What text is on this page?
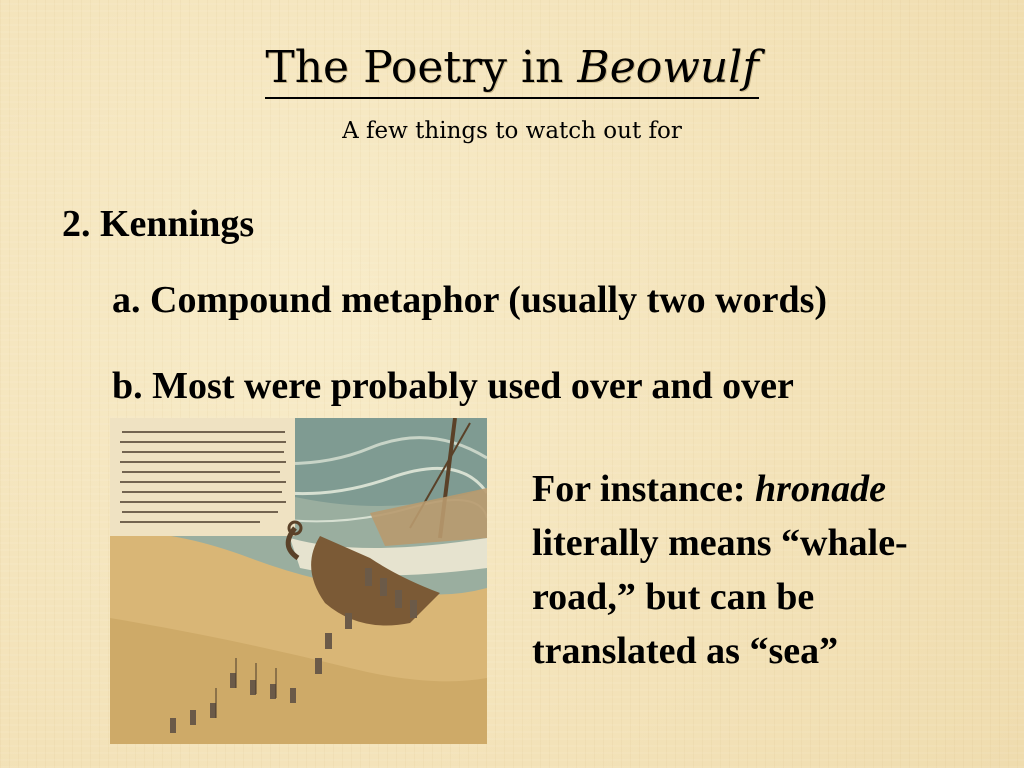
The Poetry in Beowulf
A few things to watch out for
2. Kennings
a. Compound metaphor (usually two words)
b. Most were probably used over and over
For instance: hronade
literally means “whale-
road,” but can be
translated as “sea”
